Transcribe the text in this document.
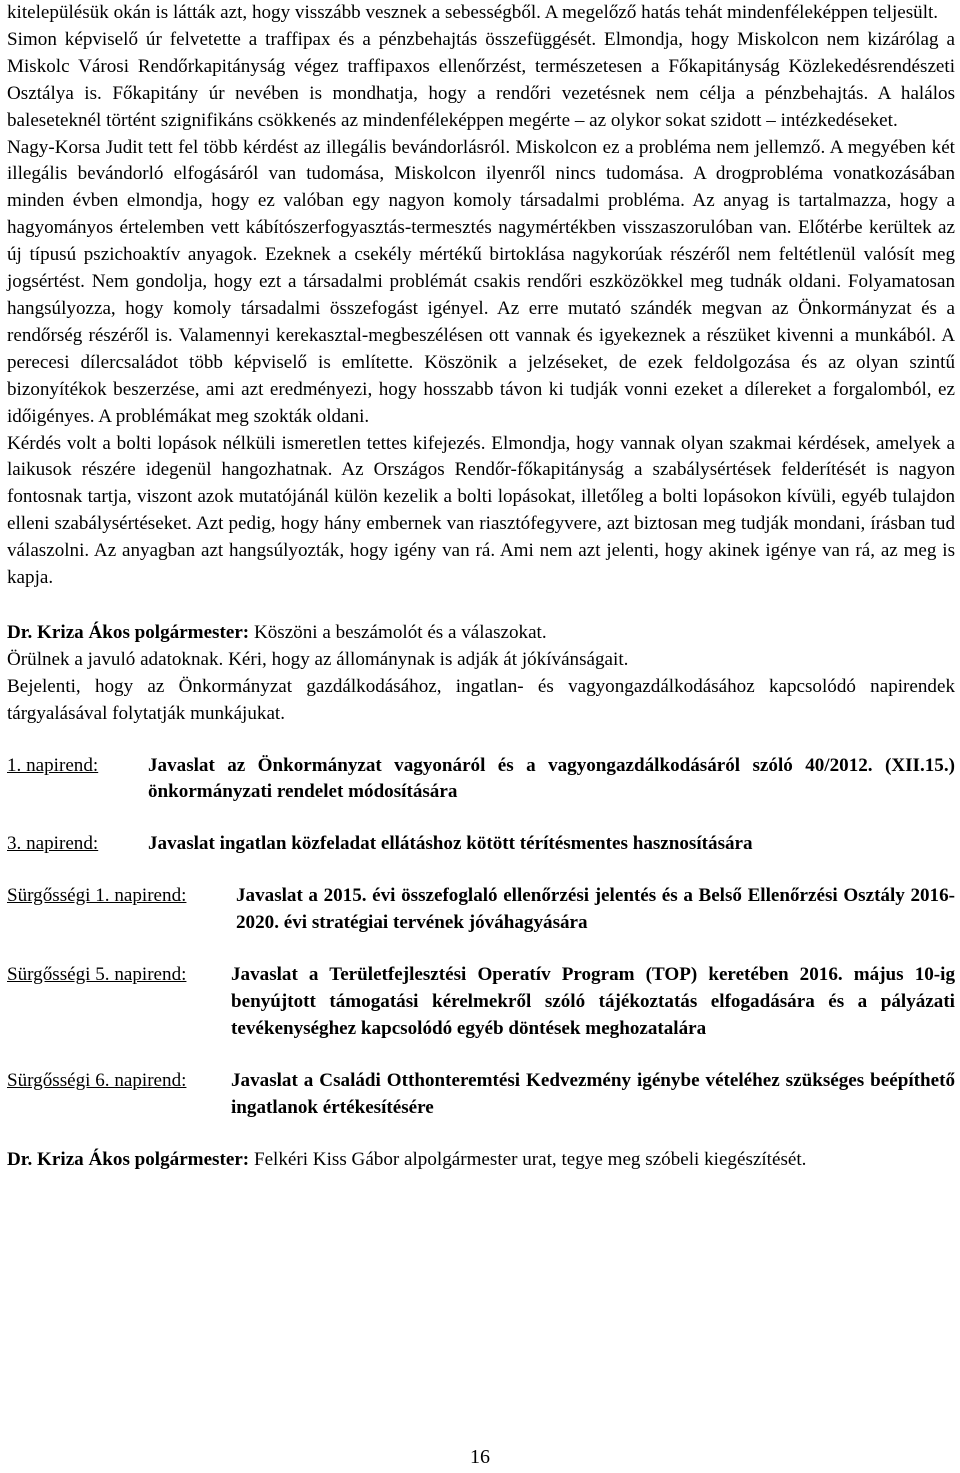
kitelepülésük okán is látták azt, hogy visszább vesznek a sebességből. A megelőző hatás tehát mindenféleképpen teljesült.

Simon képviselő úr felvetette a traffipax és a pénzbehajtás összefüggését. Elmondja, hogy Miskolcon nem kizárólag a Miskolc Városi Rendőrkapitányság végez traffipaxos ellenőrzést, természetesen a Főkapitányság Közlekedésrendészeti Osztálya is. Főkapitány úr nevében is mondhatja, hogy a rendőri vezetésnek nem célja a pénzbehajtás. A halálos baleseteknél történt szignifikáns csökkenés az mindenféleképpen megérte – az olykor sokat szidott – intézkedéseket.

Nagy-Korsa Judit tett fel több kérdést az illegális bevándorlásról. Miskolcon ez a probléma nem jellemző. A megyében két illegális bevándorló elfogásáról van tudomása, Miskolcon ilyenről nincs tudomása. A drogprobléma vonatkozásában minden évben elmondja, hogy ez valóban egy nagyon komoly társadalmi probléma. Az anyag is tartalmazza, hogy a hagyományos értelemben vett kábítószerfogyasztás-termesztés nagymértékben visszaszorulóban van. Előtérbe kerültek az új típusú pszichoaktív anyagok. Ezeknek a csekély mértékű birtoklása nagykorúak részéről nem feltétlenül valósít meg jogsértést. Nem gondolja, hogy ezt a társadalmi problémát csakis rendőri eszközökkel meg tudnák oldani. Folyamatosan hangsúlyozza, hogy komoly társadalmi összefogást igényel. Az erre mutató szándék megvan az Önkormányzat és a rendőrség részéről is. Valamennyi kerekasztal-megbeszélésen ott vannak és igyekeznek a részüket kivenni a munkából. A perecesi dílercsaládot több képviselő is említette. Köszönik a jelzéseket, de ezek feldolgozása és az olyan szintű bizonyítékok beszerzése, ami azt eredményezi, hogy hosszabb távon ki tudják vonni ezeket a dílereket a forgalomból, ez időigényes. A problémákat meg szokták oldani.

Kérdés volt a bolti lopások nélküli ismeretlen tettes kifejezés. Elmondja, hogy vannak olyan szakmai kérdések, amelyek a laikusok részére idegenül hangozhatnak. Az Országos Rendőr-főkapitányság a szabálysértések felderítését is nagyon fontosnak tartja, viszont azok mutatójánál külön kezelik a bolti lopásokat, illetőleg a bolti lopásokon kívüli, egyéb tulajdon elleni szabálysértéseket. Azt pedig, hogy hány embernek van riasztófegyvere, azt biztosan meg tudják mondani, írásban tud válaszolni. Az anyagban azt hangsúlyozták, hogy igény van rá. Ami nem azt jelenti, hogy akinek igénye van rá, az meg is kapja.

Dr. Kriza Ákos polgármester: Köszöni a beszámolót és a válaszokat.

Örülnek a javuló adatoknak. Kéri, hogy az állománynak is adják át jókívánságait.

Bejelenti, hogy az Önkormányzat gazdálkodásához, ingatlan- és vagyongazdálkodásához kapcsolódó napirendek tárgyalásával folytatják munkájukat.

1. napirend:	Javaslat az Önkormányzat vagyonáról és a vagyongazdálkodásáról szóló 40/2012. (XII.15.) önkormányzati rendelet módosítására
3. napirend:	Javaslat ingatlan közfeladat ellátáshoz kötött térítésmentes hasznosítására
Sürgősségi 1. napirend:	Javaslat a 2015. évi összefoglaló ellenőrzési jelentés és a Belső Ellenőrzési Osztály 2016-2020. évi stratégiai tervének jóváhagyására
Sürgősségi 5. napirend:	Javaslat a Területfejlesztési Operatív Program (TOP) keretében 2016. május 10-ig benyújtott támogatási kérelmekről szóló tájékoztatás elfogadására és a pályázati tevékenységhez kapcsolódó egyéb döntések meghozatalára
Sürgősségi 6. napirend:	Javaslat a Családi Otthonteremtési Kedvezmény igénybe vételéhez szükséges beépíthető ingatlanok értékesítésére

Dr. Kriza Ákos polgármester: Felkéri Kiss Gábor alpolgármester urat, tegye meg szóbeli kiegészítését.

16
